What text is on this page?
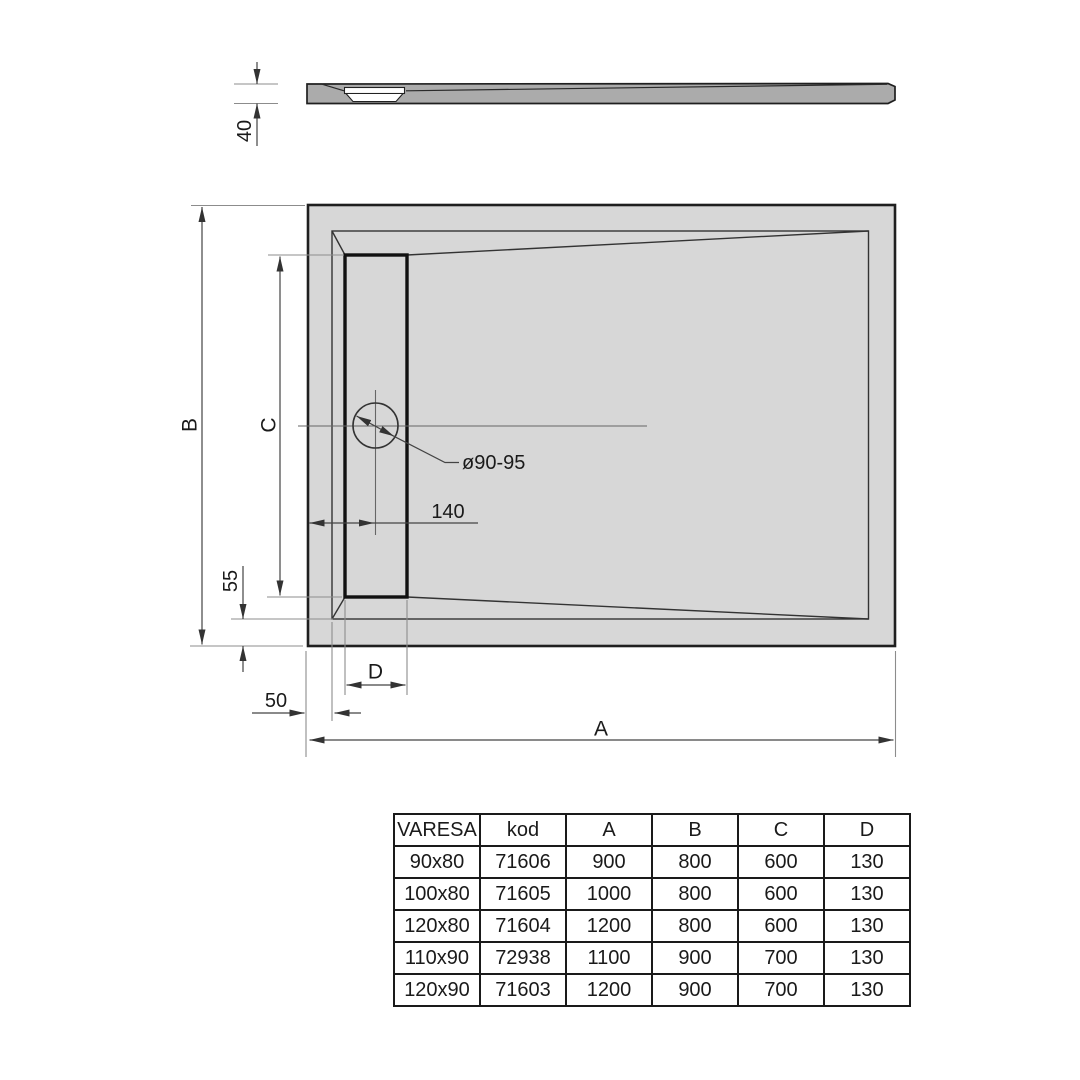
40
ø90-95
B	C
140
55
D
50
A
VARESA	kod	A	B	C	D
90x80	71606	900	800	600	130
100x80	71605	1000	800	600	130
120x80	71604	1200	800	600	130
110x90	72938	1100	900	700	130
120x90	71603	1200	900	700	130
